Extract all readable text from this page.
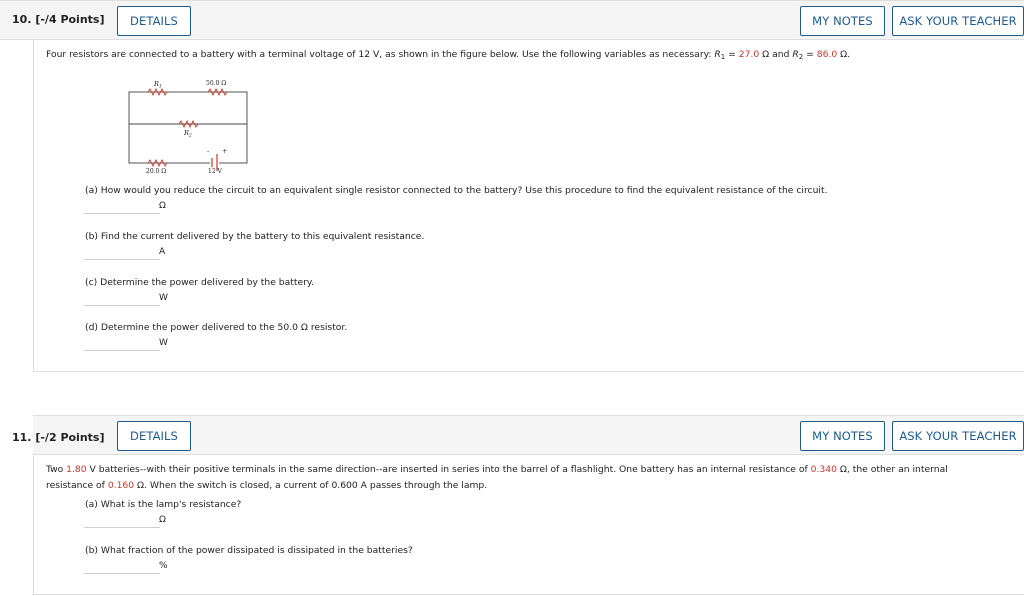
10. [-/4 Points]	DETAILS	MY NOTES	ASK YOUR TEACHER
Four resistors are connected to a battery with a terminal voltage of 12 V, as shown in the figure below. Use the following variables as necessary: $R_1 = 27.0$ Ω and $R_2 = 86.0$ Ω.
$R_1$	50.0 Ω
$R_2$
- +
20.0 Ω	12 V
(a) How would you reduce the circuit to an equivalent single resistor connected to the battery? Use this procedure to find the equivalent resistance of the circuit.
Ω
(b) Find the current delivered by the battery to this equivalent resistance.
A
(c) Determine the power delivered by the battery.
W
(d) Determine the power delivered to the 50.0 Ω resistor.
W
DETAILS	MY NOTES	ASK YOUR TEACHER
11. [-/2 Points]
Two 1.80 V batteries--with their positive terminals in the same direction--are inserted in series into the barrel of a flashlight. One battery has an internal resistance of 0.340 Ω, the other an internal
resistance of 0.160 Ω. When the switch is closed, a current of 0.600 A passes through the lamp.
(a) What is the lamp's resistance?
Ω
(b) What fraction of the power dissipated is dissipated in the batteries?
%
